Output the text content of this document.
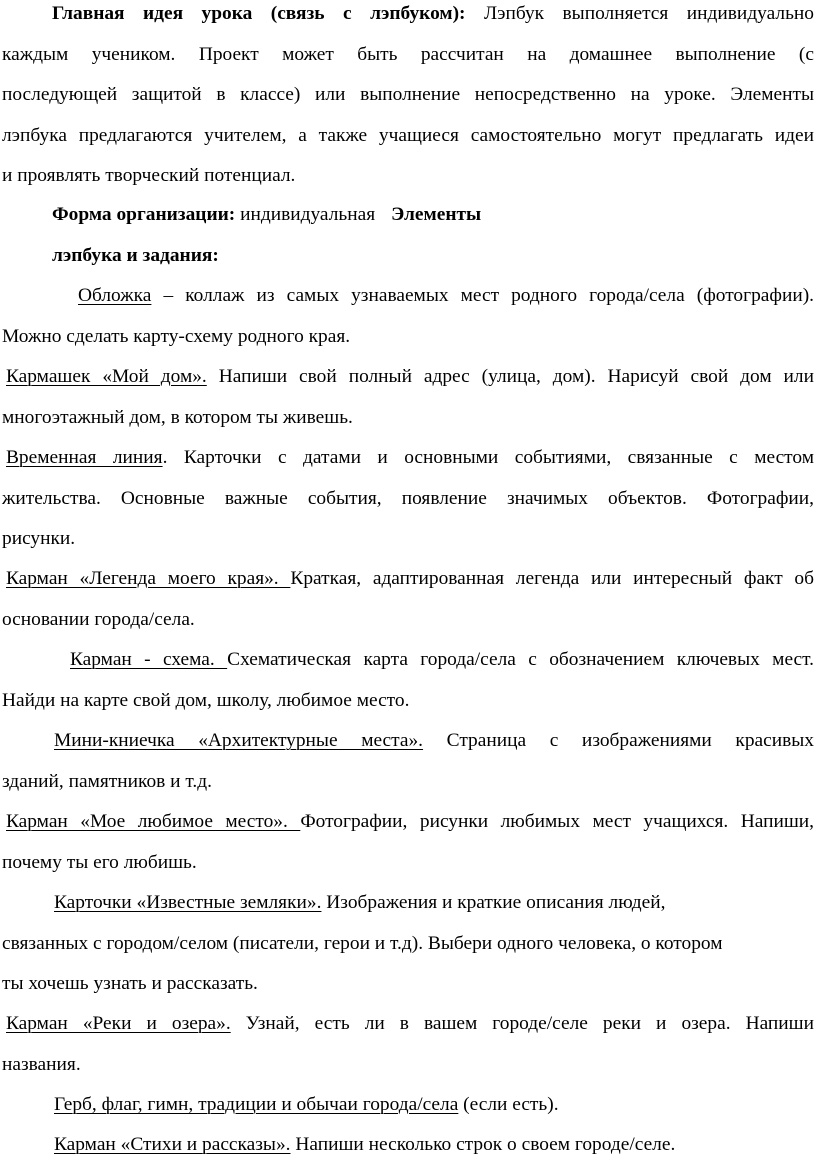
Главная идея урока (связь с лэпбуком): Лэпбук выполняется индивидуально
каждым учеником. Проект может быть рассчитан на домашнее выполнение (с
последующей защитой в классе) или выполнение непосредственно на уроке. Элементы
лэпбука предлагаются учителем, а также учащиеся самостоятельно могут предлагать идеи
и проявлять творческий потенциал.
Форма организации: индивидуальная Элементы
лэпбука и задания:
Обложка – коллаж из самых узнаваемых мест родного города/села (фотографии).
Можно сделать карту-схему родного края.
Кармашек «Мой дом». Напиши свой полный адрес (улица, дом). Нарисуй свой дом или
многоэтажный дом, в котором ты живешь.
Временная линия. Карточки с датами и основными событиями, связанные с местом
жительства. Основные важные события, появление значимых объектов. Фотографии,
рисунки.
Карман «Легенда моего края». Краткая, адаптированная легенда или интересный факт об
основании города/села.
Карман - схема. Схематическая карта города/села с обозначением ключевых мест.
Найди на карте свой дом, школу, любимое место.
Мини-книечка «Архитектурные места». Страница с изображениями красивых
зданий, памятников и т.д.
Карман «Мое любимое место». Фотографии, рисунки любимых мест учащихся. Напиши,
почему ты его любишь.
Карточки «Известные земляки». Изображения и краткие описания людей,
связанных с городом/селом (писатели, герои и т.д). Выбери одного человека, о котором
ты хочешь узнать и рассказать.
Карман «Реки и озера». Узнай, есть ли в вашем городе/селе реки и озера. Напиши
названия.
Герб, флаг, гимн, традиции и обычаи города/села (если есть).
Карман «Стихи и рассказы». Напиши несколько строк о своем городе/селе.
